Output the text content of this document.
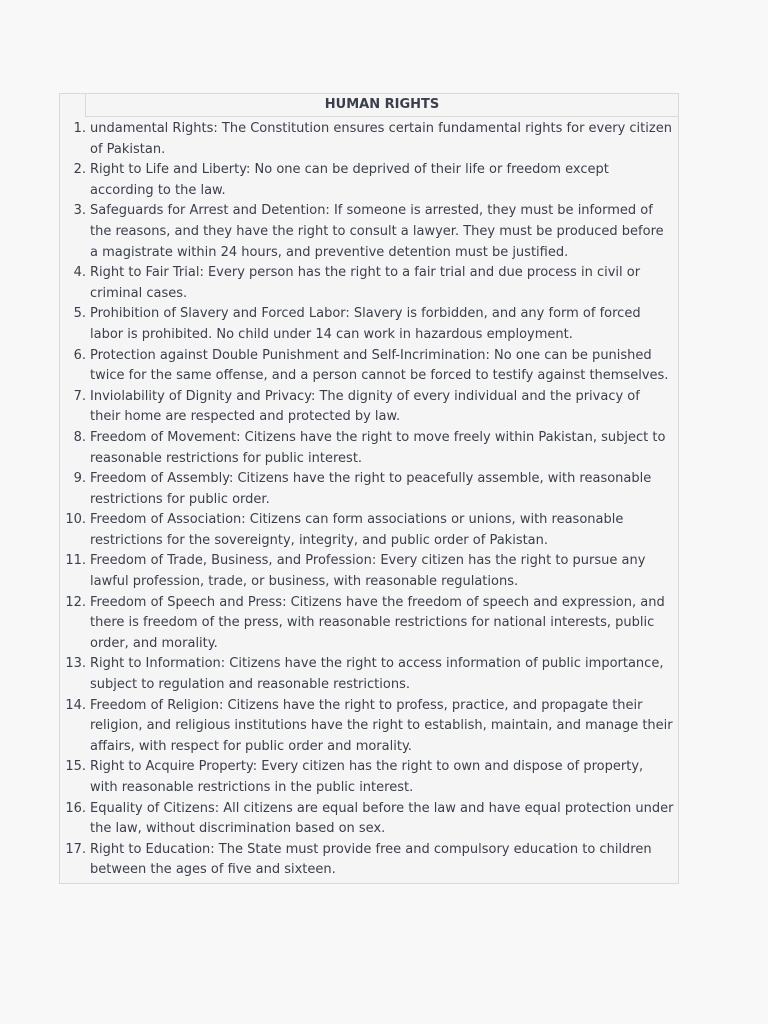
HUMAN RIGHTS
1. undamental Rights: The Constitution ensures certain fundamental rights for every citizen of Pakistan.
2. Right to Life and Liberty: No one can be deprived of their life or freedom except according to the law.
3. Safeguards for Arrest and Detention: If someone is arrested, they must be informed of the reasons, and they have the right to consult a lawyer. They must be produced before a magistrate within 24 hours, and preventive detention must be justified.
4. Right to Fair Trial: Every person has the right to a fair trial and due process in civil or criminal cases.
5. Prohibition of Slavery and Forced Labor: Slavery is forbidden, and any form of forced labor is prohibited. No child under 14 can work in hazardous employment.
6. Protection against Double Punishment and Self-Incrimination: No one can be punished twice for the same offense, and a person cannot be forced to testify against themselves.
7. Inviolability of Dignity and Privacy: The dignity of every individual and the privacy of their home are respected and protected by law.
8. Freedom of Movement: Citizens have the right to move freely within Pakistan, subject to reasonable restrictions for public interest.
9. Freedom of Assembly: Citizens have the right to peacefully assemble, with reasonable restrictions for public order.
10. Freedom of Association: Citizens can form associations or unions, with reasonable restrictions for the sovereignty, integrity, and public order of Pakistan.
11. Freedom of Trade, Business, and Profession: Every citizen has the right to pursue any lawful profession, trade, or business, with reasonable regulations.
12. Freedom of Speech and Press: Citizens have the freedom of speech and expression, and there is freedom of the press, with reasonable restrictions for national interests, public order, and morality.
13. Right to Information: Citizens have the right to access information of public importance, subject to regulation and reasonable restrictions.
14. Freedom of Religion: Citizens have the right to profess, practice, and propagate their religion, and religious institutions have the right to establish, maintain, and manage their affairs, with respect for public order and morality.
15. Right to Acquire Property: Every citizen has the right to own and dispose of property, with reasonable restrictions in the public interest.
16. Equality of Citizens: All citizens are equal before the law and have equal protection under the law, without discrimination based on sex.
17. Right to Education: The State must provide free and compulsory education to children between the ages of five and sixteen.
